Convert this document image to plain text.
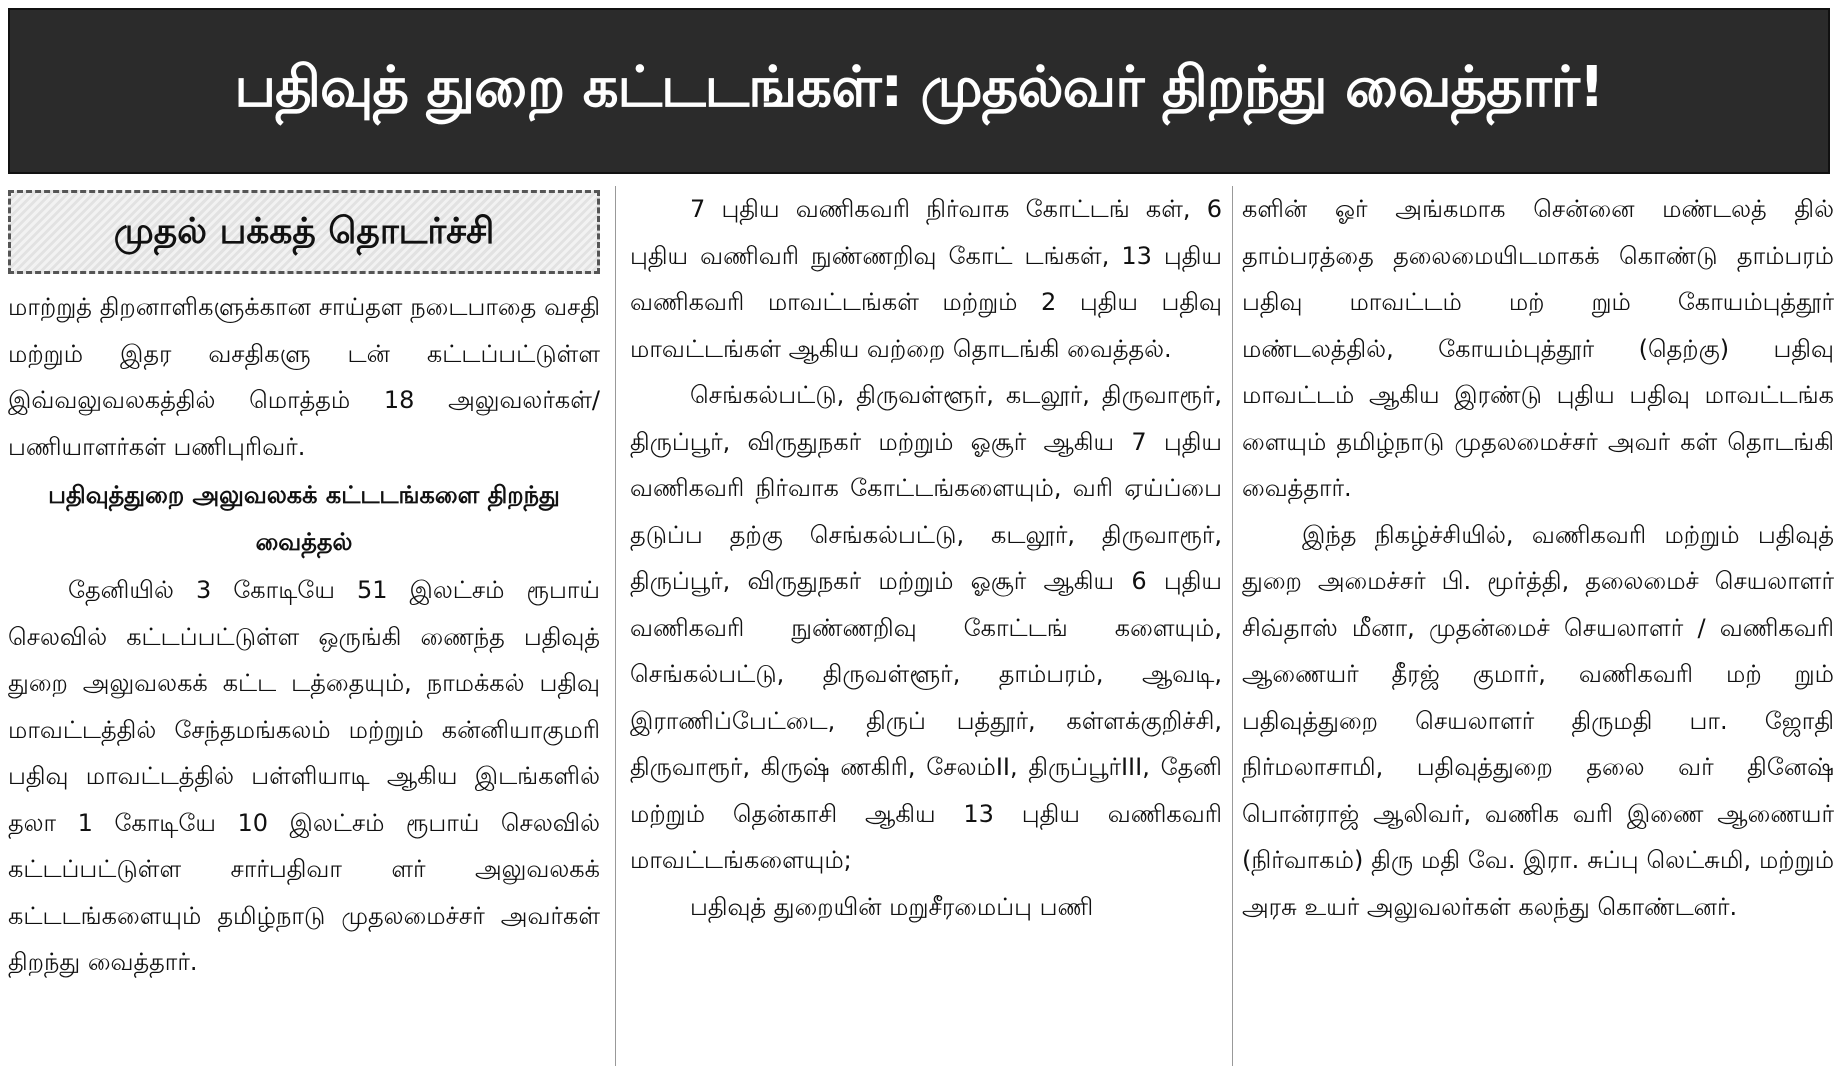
பதிவுத் துறை கட்டடங்கள்: முதல்வர் திறந்து வைத்தார்!
முதல் பக்கத் தொடர்ச்சி

மாற்றுத் திறனாளிகளுக்கான சாய்தள நடைபாதை வசதி மற்றும் இதர வசதிகளு டன் கட்டப்பட்டுள்ள இவ்வலுவலகத்தில் மொத்தம் 18 அலுவலர்கள்/பணியாளர்கள் பணிபுரிவர்.

பதிவுத்துறை அலுவலகக் கட்டடங்களை திறந்து வைத்தல்

தேனியில் 3 கோடியே 51 இலட்சம் ரூபாய் செலவில் கட்டப்பட்டுள்ள ஒருங்கி ணைந்த பதிவுத் துறை அலுவலகக் கட்ட டத்தையும், நாமக்கல் பதிவு மாவட்டத்தில் சேந்தமங்கலம் மற்றும் கன்னியாகுமரி பதிவு மாவட்டத்தில் பள்ளியாடி ஆகிய இடங்களில் தலா 1 கோடியே 10 இலட்சம் ரூபாய் செலவில் கட்டப்பட்டுள்ள சார்பதிவா ளர் அலுவலகக் கட்டடங்களையும் தமிழ்நாடு முதலமைச்சர் அவர்கள் திறந்து வைத்தார்.

7 புதிய வணிகவரி நிர்வாக கோட்டங் கள், 6 புதிய வணிவரி நுண்ணறிவு கோட் டங்கள், 13 புதிய வணிகவரி மாவட்டங்கள் மற்றும் 2 புதிய பதிவு மாவட்டங்கள் ஆகிய வற்றை தொடங்கி வைத்தல்.

செங்கல்பட்டு, திருவள்ளூர், கடலூர், திருவாரூர், திருப்பூர், விருதுநகர் மற்றும் ஓசூர் ஆகிய 7 புதிய வணிகவரி நிர்வாக கோட்டங்களையும், வரி ஏய்ப்பை தடுப்ப தற்கு செங்கல்பட்டு, கடலூர், திருவாரூர், திருப்பூர், விருதுநகர் மற்றும் ஓசூர் ஆகிய 6 புதிய வணிகவரி நுண்ணறிவு கோட்டங் களையும், செங்கல்பட்டு, திருவள்ளூர், தாம்பரம், ஆவடி, இராணிப்பேட்டை, திருப் பத்தூர், கள்ளக்குறிச்சி, திருவாரூர், கிருஷ் ணகிரி, சேலம்II, திருப்பூர்III, தேனி மற்றும் தென்காசி ஆகிய 13 புதிய வணிகவரி மாவட்டங்களையும்;

பதிவுத் துறையின் மறுசீரமைப்பு பணி

களின் ஓர் அங்கமாக சென்னை மண்டலத் தில் தாம்பரத்தை தலைமையிடமாகக் கொண்டு தாம்பரம் பதிவு மாவட்டம் மற் றும் கோயம்புத்தூர் மண்டலத்தில், கோயம்புத்தூர் (தெற்கு) பதிவு மாவட்டம் ஆகிய இரண்டு புதிய பதிவு மாவட்டங்க ளையும் தமிழ்நாடு முதலமைச்சர் அவர் கள் தொடங்கி வைத்தார்.

இந்த நிகழ்ச்சியில், வணிகவரி மற்றும் பதிவுத் துறை அமைச்சர் பி. மூர்த்தி, தலைமைச் செயலாளர் சிவ்தாஸ் மீனா, முதன்மைச் செயலாளர் / வணிகவரி ஆணையர் தீரஜ் குமார், வணிகவரி மற் றும் பதிவுத்துறை செயலாளர் திருமதி பா. ஜோதி நிர்மலாசாமி, பதிவுத்துறை தலை வர் தினேஷ் பொன்ராஜ் ஆலிவர், வணிக வரி இணை ஆணையர் (நிர்வாகம்) திரு மதி வே. இரா. சுப்பு லெட்சுமி, மற்றும் அரசு உயர் அலுவலர்கள் கலந்து கொண்டனர்.
